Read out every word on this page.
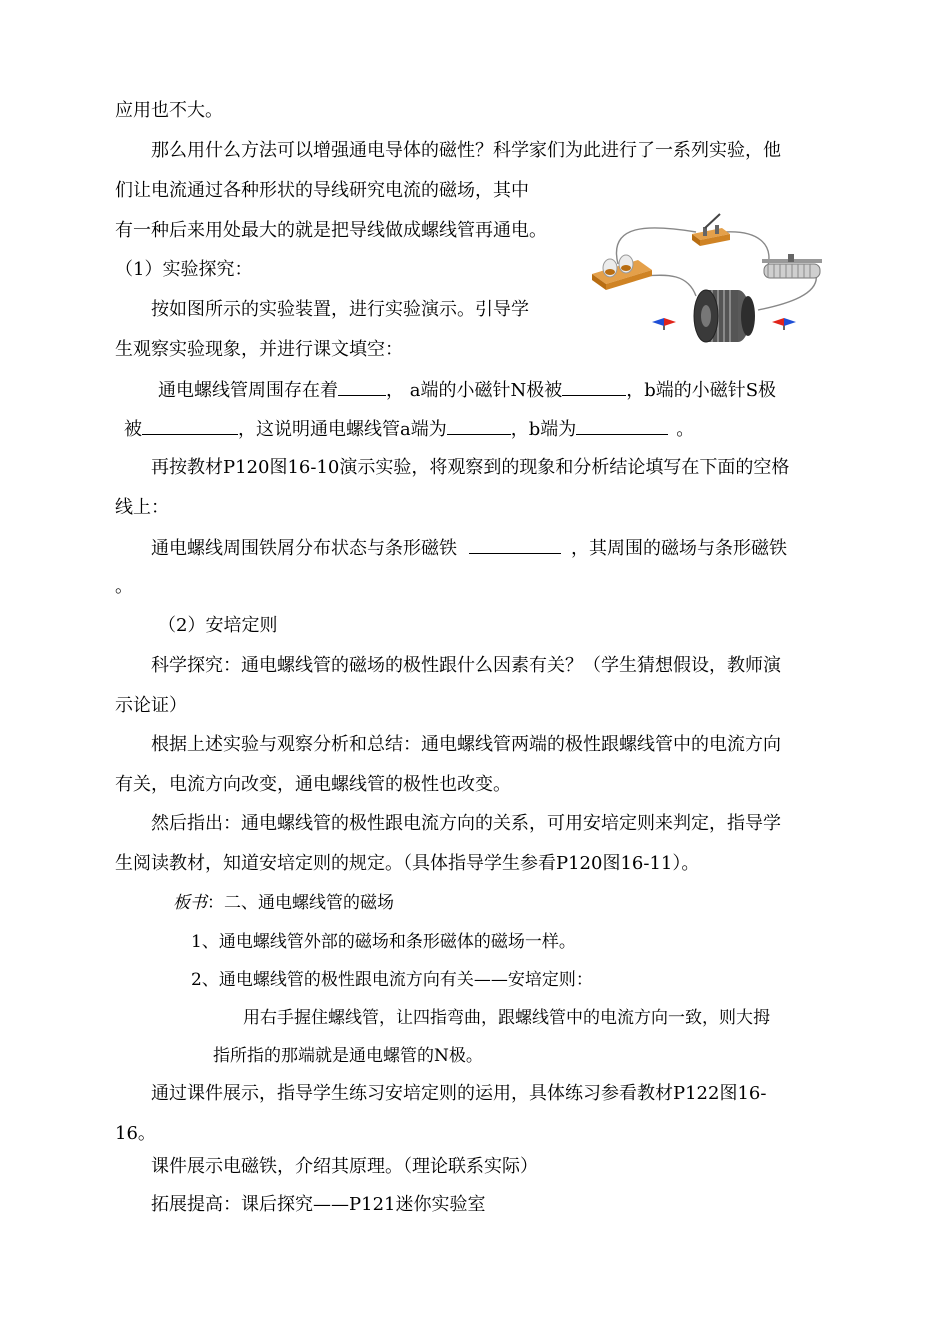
应用也不大。

那么用什么方法可以增强通电导体的磁性？科学家们为此进行了一系列实验，他

们让电流通过各种形状的导线研究电流的磁场，其中

有一种后来用处最大的就是把导线做成螺线管再通电。

（1）实验探究：

按如图所示的实验装置，进行实验演示。引导学

生观察实验现象，并进行课文填空：

通电螺线管周围存在着	， a端的小磁针N极被	，b端的小磁针S极

被	，这说明通电螺线管a端为	，b端为	。

再按教材P120图16-10演示实验，将观察到的现象和分析结论填写在下面的空格

线上：

通电螺线周围铁屑分布状态与条形磁铁	，其周围的磁场与条形磁铁

。

（2）安培定则

科学探究：通电螺线管的磁场的极性跟什么因素有关？（学生猜想假设，教师演

示论证）

根据上述实验与观察分析和总结：通电螺线管两端的极性跟螺线管中的电流方向

有关，电流方向改变，通电螺线管的极性也改变。

然后指出：通电螺线管的极性跟电流方向的关系，可用安培定则来判定，指导学

生阅读教材，知道安培定则的规定。（具体指导学生参看P120图16-11）。

板书：二、通电螺线管的磁场

1、通电螺线管外部的磁场和条形磁体的磁场一样。

2、通电螺线管的极性跟电流方向有关——安培定则：

用右手握住螺线管，让四指弯曲，跟螺线管中的电流方向一致，则大拇

指所指的那端就是通电螺管的N极。

通过课件展示，指导学生练习安培定则的运用，具体练习参看教材P122图16-

16。

课件展示电磁铁，介绍其原理。（理论联系实际）

拓展提高：课后探究——P121迷你实验室
